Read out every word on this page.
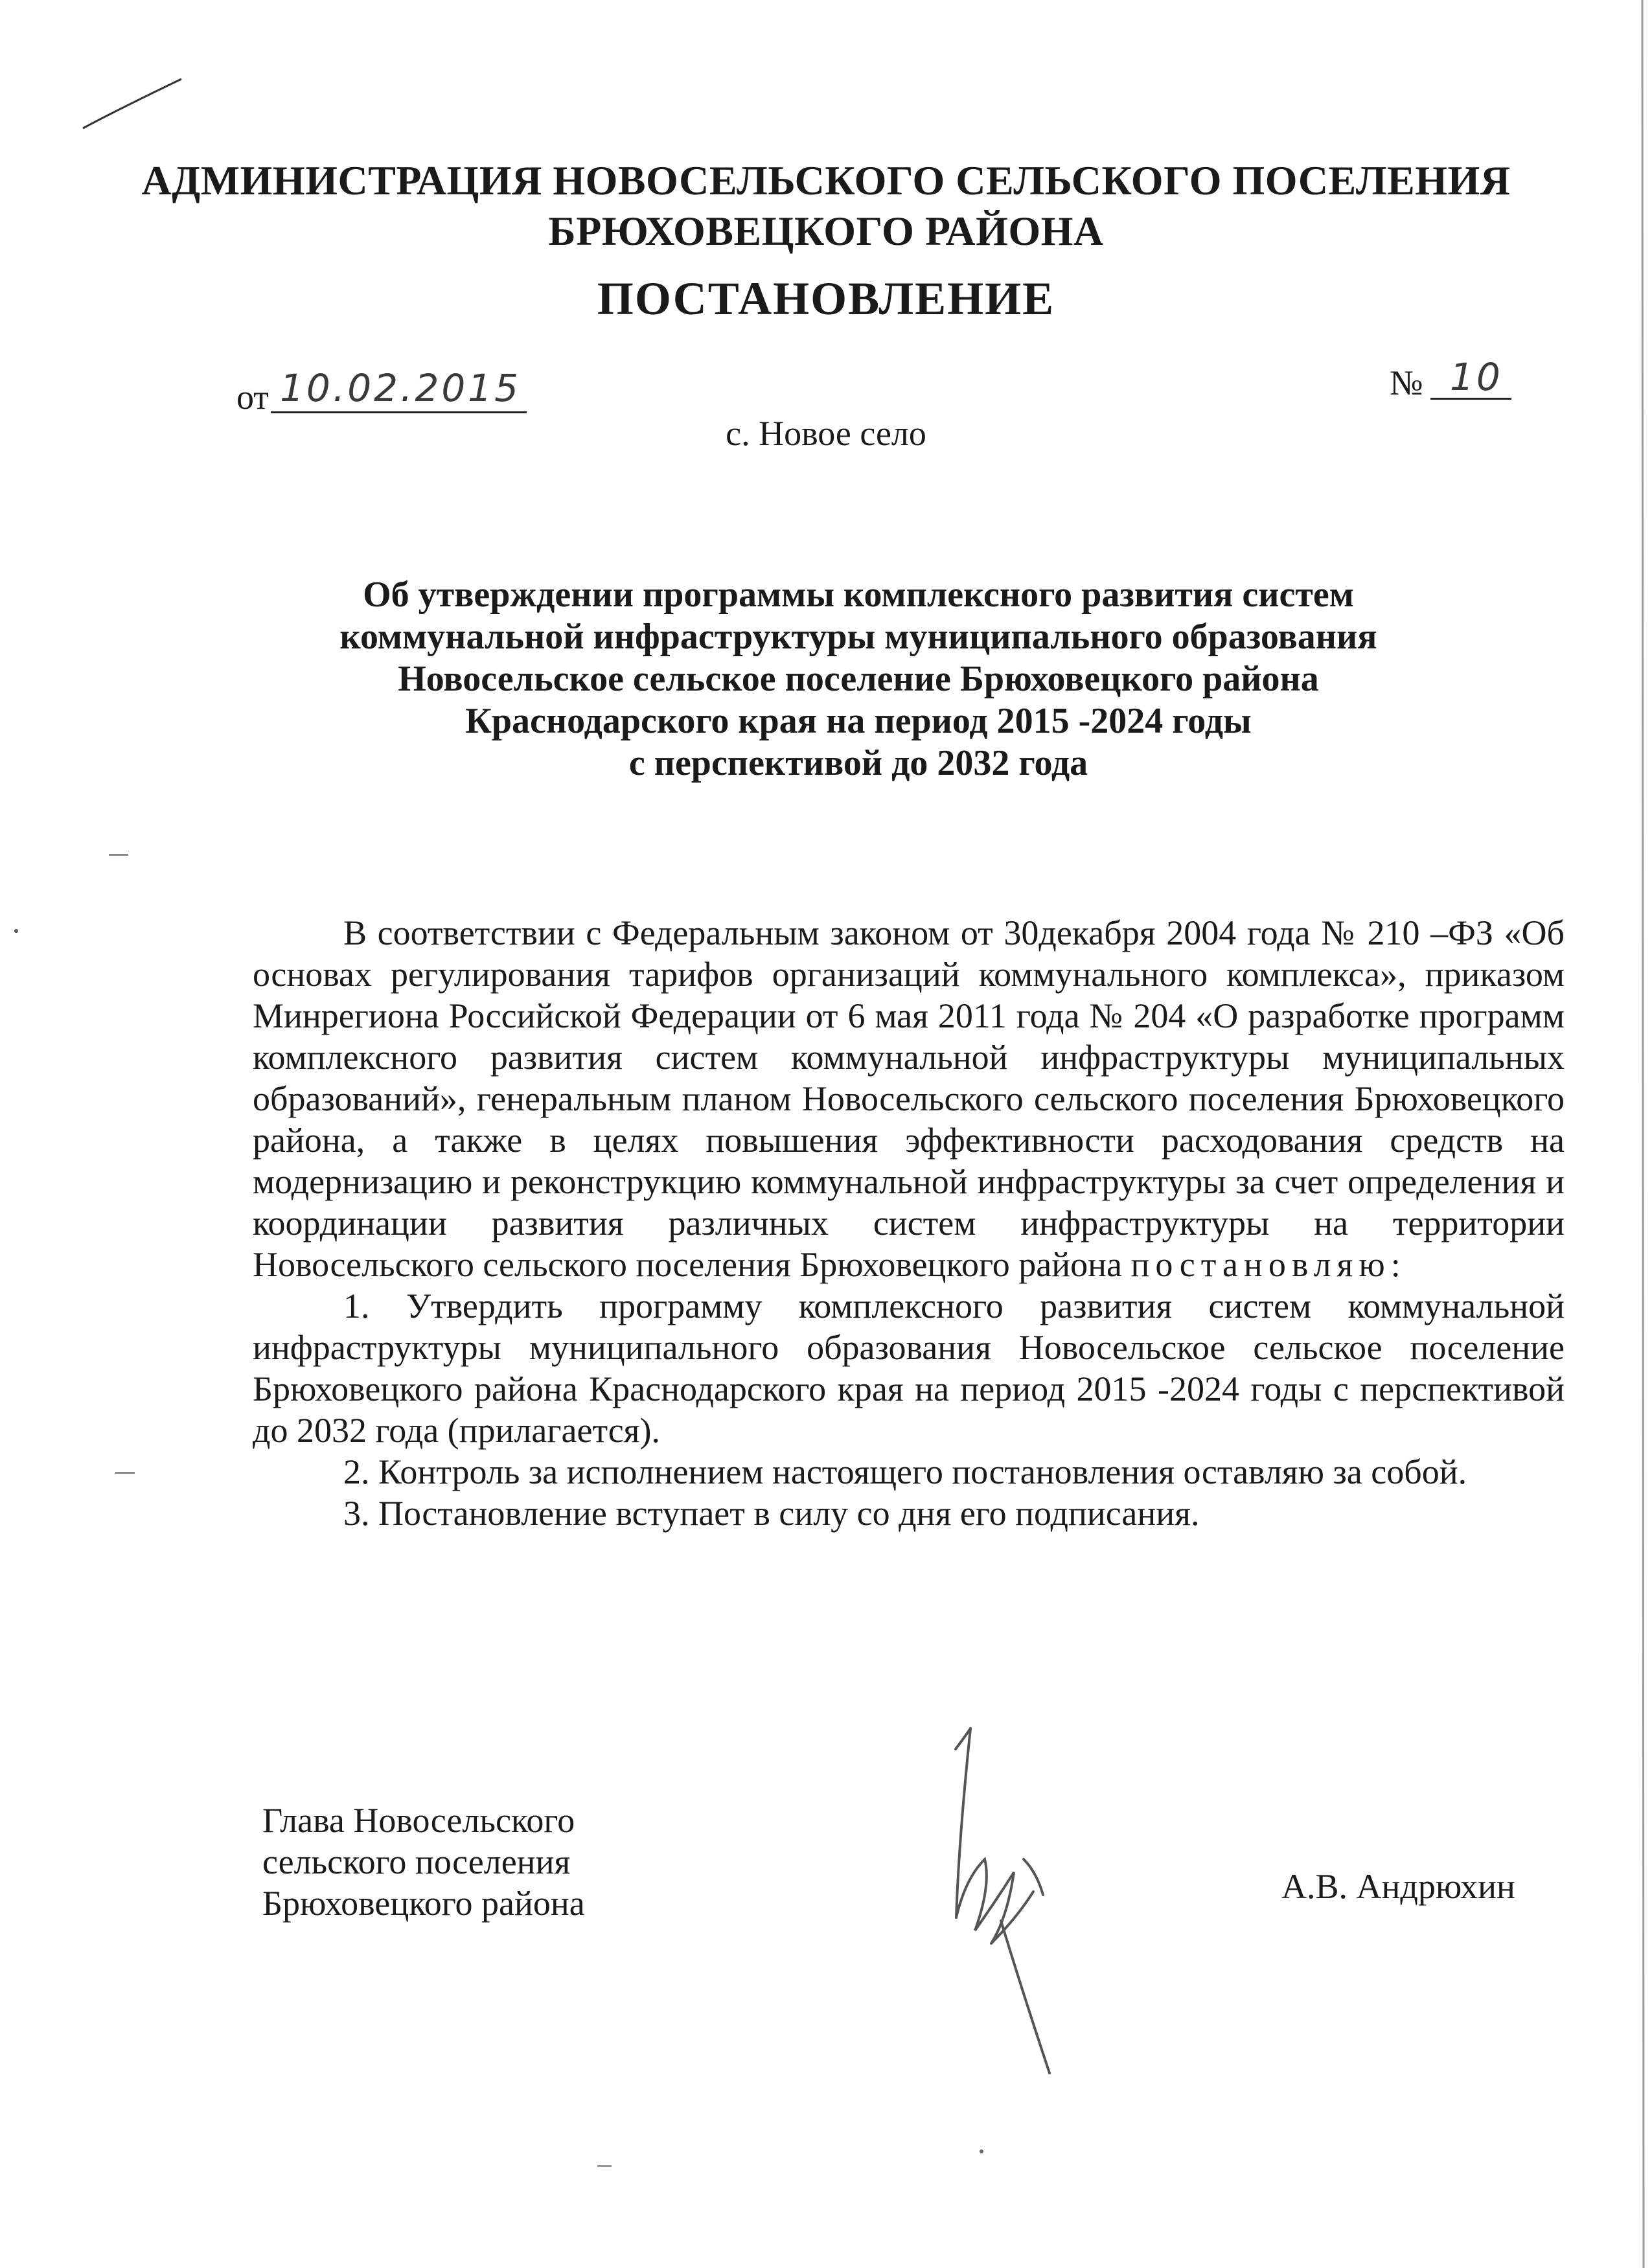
АДМИНИСТРАЦИЯ НОВОСЕЛЬСКОГО СЕЛЬСКОГО ПОСЕЛЕНИЯ
БРЮХОВЕЦКОГО РАЙОНА
ПОСТАНОВЛЕНИЕ
от 10.02.2015	№ 10
с. Новое село
Об утверждении программы комплексного развития систем
коммунальной инфраструктуры муниципального образования
Новосельское сельское поселение Брюховецкого района
Краснодарского края на период 2015 -2024 годы
с перспективой до 2032 года

В соответствии с Федеральным законом от 30декабря 2004 года № 210 –ФЗ «Об основах регулирования тарифов организаций коммунального комплекса», приказом Минрегиона Российской Федерации от 6 мая 2011 года № 204 «О разработке программ комплексного развития систем коммунальной инфраструктуры муниципальных образований», генеральным планом Новосельского сельского поселения Брюховецкого района, а также в целях повышения эффективности расходования средств на модернизацию и реконструкцию коммунальной инфраструктуры за счет определения и координации развития различных систем инфраструктуры на территории Новосельского сельского поселения Брюховецкого района постановляю:

1. Утвердить программу комплексного развития систем коммунальной инфраструктуры муниципального образования Новосельское сельское поселение Брюховецкого района Краснодарского края на период 2015 -2024 годы с перспективой до 2032 года (прилагается).

2. Контроль за исполнением настоящего постановления оставляю за собой.

3. Постановление вступает в силу со дня его подписания.

Глава Новосельского
сельского поселения
Брюховецкого района	А.В. Андрюхин
